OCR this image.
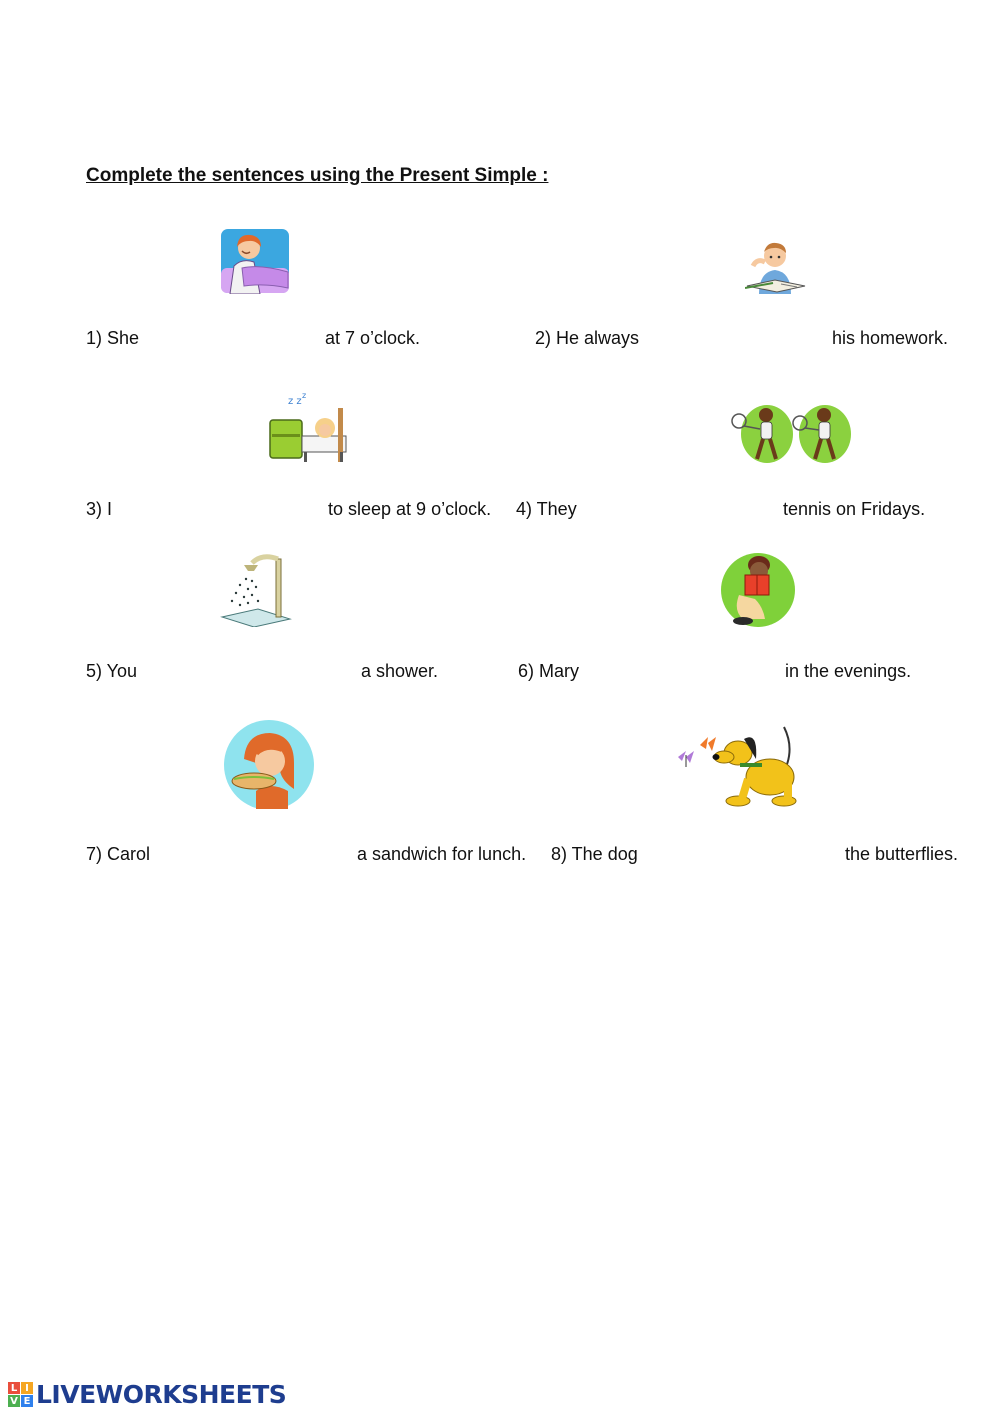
Complete the sentences using the Present Simple :
z z
z
1) She	at 7 o’clock.	2) He always	his homework.
3) I	to sleep at 9 o’clock. 4) They	tennis on Fridays.
5) You	a shower.	6) Mary	in the evenings.
7) Carol	a sandwich for lunch. 8) The dog	the butterflies.
L I
V E LIVEWORKSHEETS
